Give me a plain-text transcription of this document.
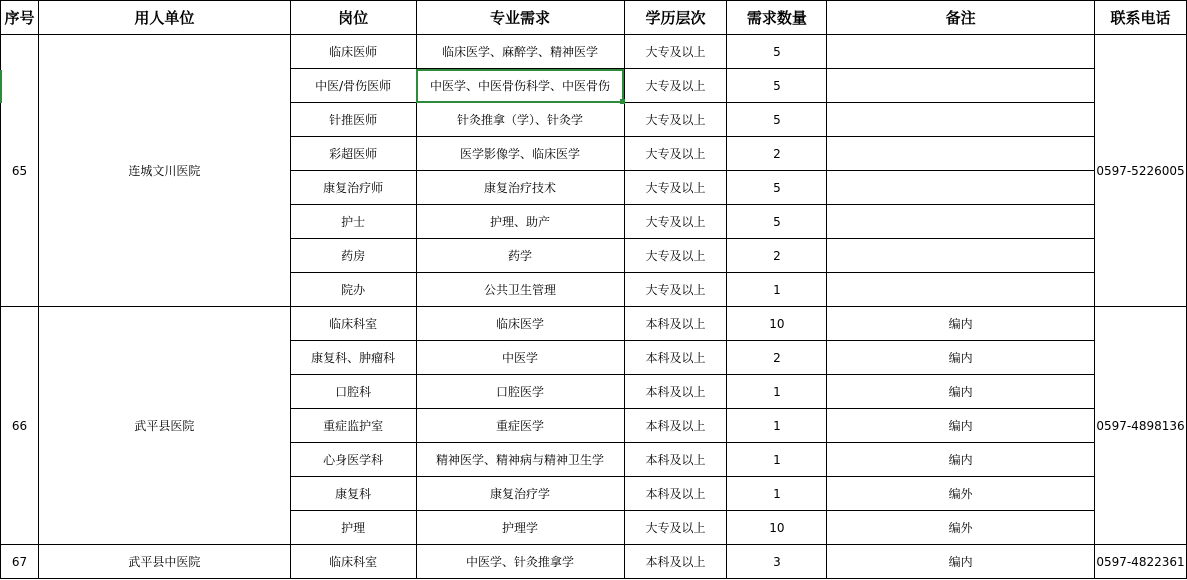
序号	用人单位	岗位	专业需求	学历层次	需求数量	备注	联系电话
65	连城文川医院	临床医师	临床医学、麻醉学、精神医学	大专及以上	5		0597-5226005
		中医/骨伤医师	中医学、中医骨伤科学、中医骨伤	大专及以上	5		
		针推医师	针灸推拿（学）、针灸学	大专及以上	5		
		彩超医师	医学影像学、临床医学	大专及以上	2		
		康复治疗师	康复治疗技术	大专及以上	5		
		护士	护理、助产	大专及以上	5		
		药房	药学	大专及以上	2		
		院办	公共卫生管理	大专及以上	1		
66	武平县医院	临床科室	临床医学	本科及以上	10	编内	0597-4898136
		康复科、肿瘤科	中医学	本科及以上	2	编内	
		口腔科	口腔医学	本科及以上	1	编内	
		重症监护室	重症医学	本科及以上	1	编内	
		心身医学科	精神医学、精神病与精神卫生学	本科及以上	1	编内	
		康复科	康复治疗学	本科及以上	1	编外	
		护理	护理学	大专及以上	10	编外	
67	武平县中医院	临床科室	中医学、针灸推拿学	本科及以上	3	编内	0597-4822361
